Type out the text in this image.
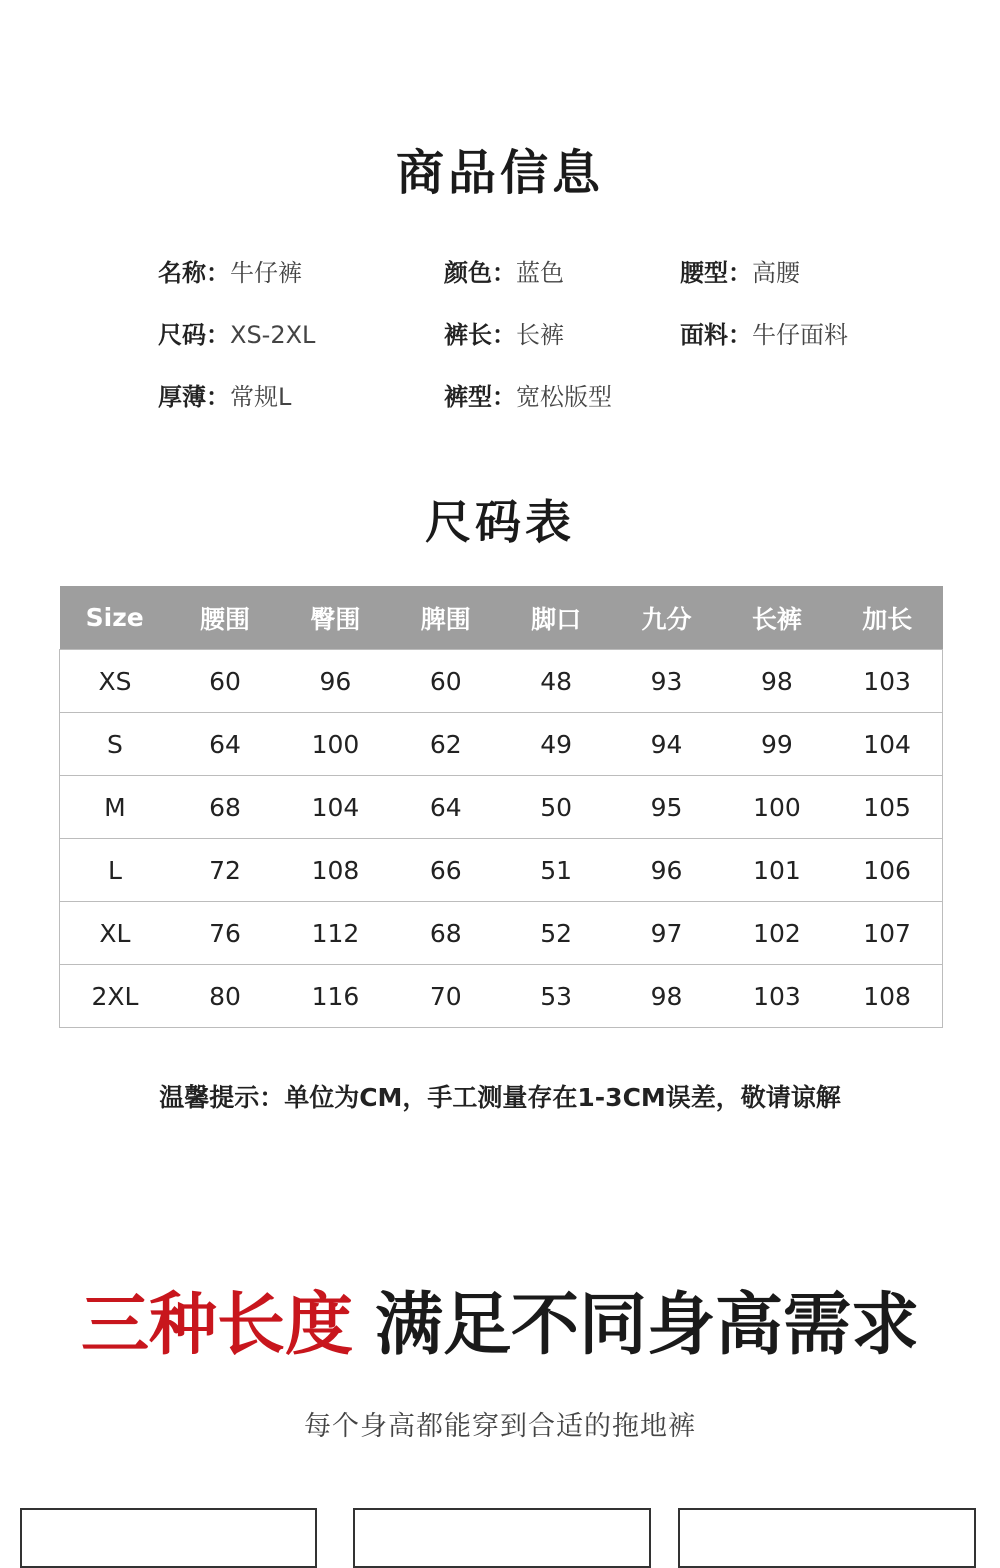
商品信息
名称：牛仔裤	颜色：蓝色	腰型：高腰
尺码：XS-2XL	裤长：长裤	面料：牛仔面料
厚薄：常规L	裤型：宽松版型
尺码表
Size	腰围	臀围	脾围	脚口	九分	长裤	加长
XS	60	96	60	48	93	98	103
S	64	100	62	49	94	99	104
M	68	104	64	50	95	100	105
L	72	108	66	51	96	101	106
XL	76	112	68	52	97	102	107
2XL	80	116	70	53	98	103	108
温馨提示：单位为CM，手工测量存在1-3CM误差，敬请谅解
三种长度 满足不同身高需求
每个身高都能穿到合适的拖地裤
